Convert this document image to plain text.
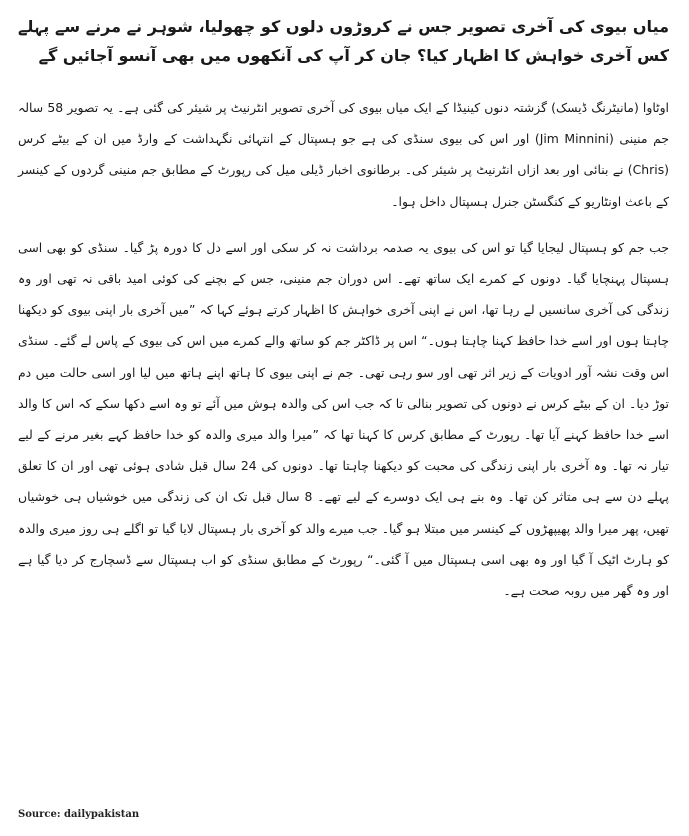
میاں بیوی کی آخری تصویر جس نے کروڑوں دلوں کو چھولیا، شوہر نے مرنے سے پہلے کس آخری خواہش کا اظہار کیا؟ جان کر آپ کی آنکھوں میں بھی آنسو آجائیں گے

اوٹاوا (مانیٹرنگ ڈیسک) گزشتہ دنوں کینیڈا کے ایک میاں بیوی کی آخری تصویر انٹرنیٹ پر شیئر کی گئی ہے۔ یہ تصویر 58 سالہ جم منینی (Jim Minnini) اور اس کی بیوی سنڈی کی ہے جو ہسپتال کے انتہائی نگہداشت کے وارڈ میں ان کے بیٹے کرس (Chris) نے بنائی اور بعد ازاں انٹرنیٹ پر شیئر کی۔ برطانوی اخبار ڈیلی میل کی رپورٹ کے مطابق جم منینی گردوں کے کینسر کے باعث اونٹاریو کے کنگسٹن جنرل ہسپتال داخل ہوا۔

جب جم کو ہسپتال لیجایا گیا تو اس کی بیوی یہ صدمہ برداشت نہ کر سکی اور اسے دل کا دورہ پڑ گیا۔ سنڈی کو بھی اسی ہسپتال پہنچایا گیا۔ دونوں کے کمرے ایک ساتھ تھے۔ اس دوران جم منینی، جس کے بچنے کی کوئی امید باقی نہ تھی اور وہ زندگی کی آخری سانسیں لے رہا تھا، اس نے اپنی آخری خواہش کا اظہار کرتے ہوئے کہا کہ ”میں آخری بار اپنی بیوی کو دیکھنا چاہتا ہوں اور اسے خدا حافظ کہنا چاہتا ہوں۔“ اس پر ڈاکٹر جم کو ساتھ والے کمرے میں اس کی بیوی کے پاس لے گئے۔ سنڈی اس وقت نشہ آور ادویات کے زیر اثر تھی اور سو رہی تھی۔ جم نے اپنی بیوی کا ہاتھ اپنے ہاتھ میں لیا اور اسی حالت میں دم توڑ دیا۔ ان کے بیٹے کرس نے دونوں کی تصویر بنالی تا کہ جب اس کی والدہ ہوش میں آئے تو وہ اسے دکھا سکے کہ اس کا والد اسے خدا حافظ کہنے آیا تھا۔ رپورٹ کے مطابق کرس کا کہنا تھا کہ ”میرا والد میری والدہ کو خدا حافظ کہے بغیر مرنے کے لیے تیار نہ تھا۔ وہ آخری بار اپنی زندگی کی محبت کو دیکھنا چاہتا تھا۔ دونوں کی 24 سال قبل شادی ہوئی تھی اور ان کا تعلق پہلے دن سے ہی متاثر کن تھا۔ وہ بنے ہی ایک دوسرے کے لیے تھے۔ 8 سال قبل تک ان کی زندگی میں خوشیاں ہی خوشیاں تھیں، پھر میرا والد پھیپھڑوں کے کینسر میں مبتلا ہو گیا۔ جب میرے والد کو آخری بار ہسپتال لایا گیا تو اگلے ہی روز میری والدہ کو ہارٹ اٹیک آ گیا اور وہ بھی اسی ہسپتال میں آ گئی۔“ رپورٹ کے مطابق سنڈی کو اب ہسپتال سے ڈسچارج کر دیا گیا ہے اور وہ گھر میں روبہ صحت ہے۔

Source: dailypakistan
